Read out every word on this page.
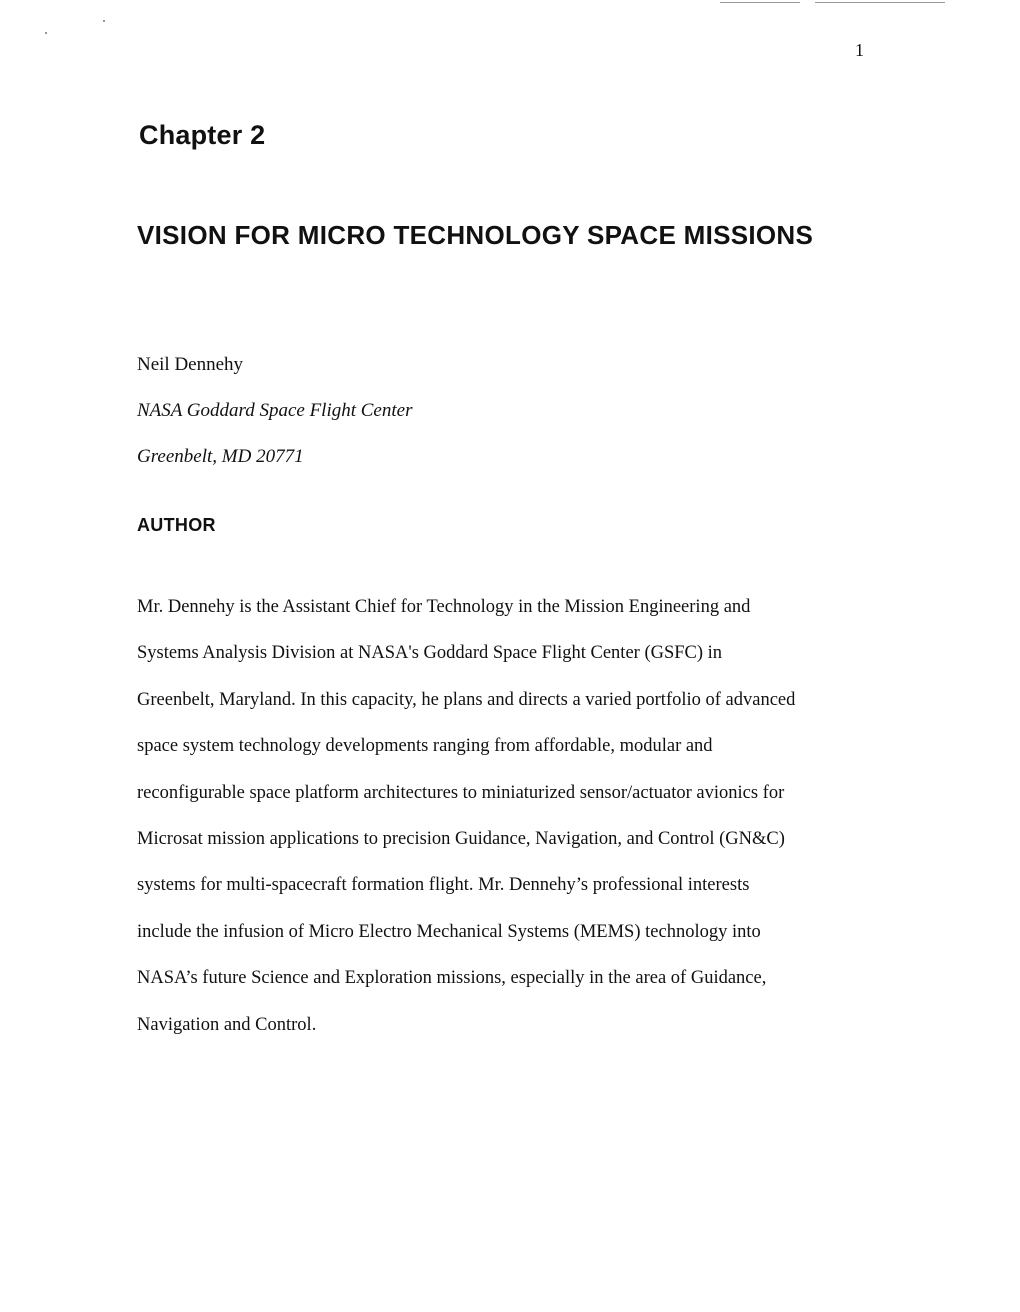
1
Chapter 2
VISION FOR MICRO TECHNOLOGY SPACE MISSIONS
Neil Dennehy
NASA Goddard Space Flight Center
Greenbelt, MD 20771
AUTHOR

Mr. Dennehy is the Assistant Chief for Technology in the Mission Engineering and
Systems Analysis Division at NASA's Goddard Space Flight Center (GSFC) in
Greenbelt, Maryland. In this capacity, he plans and directs a varied portfolio of advanced
space system technology developments ranging from affordable, modular and
reconfigurable space platform architectures to miniaturized sensor/actuator avionics for
Microsat mission applications to precision Guidance, Navigation, and Control (GN&C)
systems for multi-spacecraft formation flight. Mr. Dennehy’s professional interests
include the infusion of Micro Electro Mechanical Systems (MEMS) technology into
NASA’s future Science and Exploration missions, especially in the area of Guidance,
Navigation and Control.
